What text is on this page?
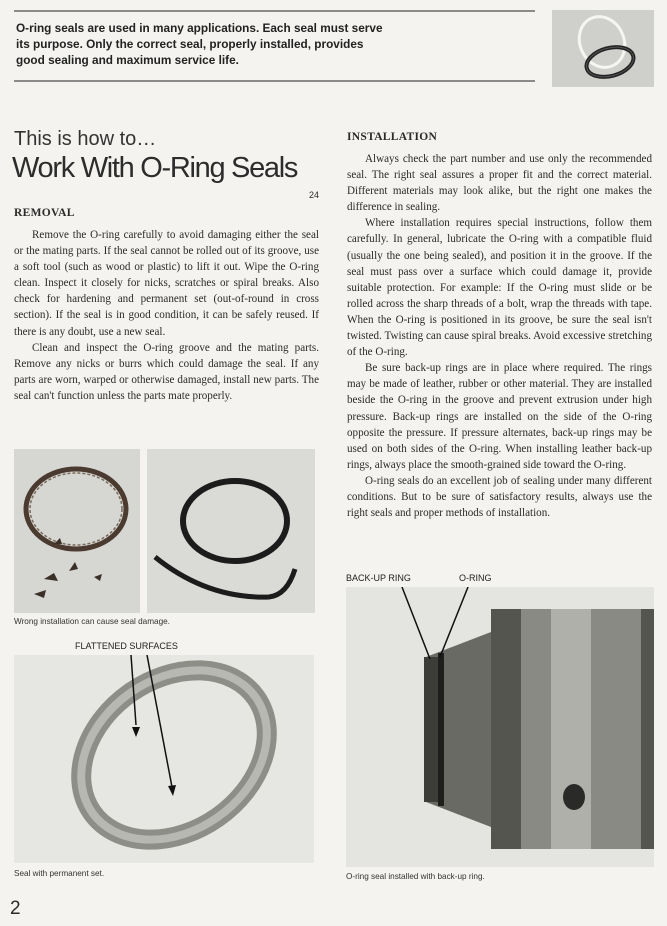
O-ring seals are used in many applications. Each seal must serve its purpose. Only the correct seal, properly installed, provides good sealing and maximum service life.
This is how to…
Work With O-Ring Seals
24
REMOVAL

Remove the O-ring carefully to avoid damaging either the seal or the mating parts. If the seal cannot be rolled out of its groove, use a soft tool (such as wood or plastic) to lift it out. Wipe the O-ring clean. Inspect it closely for nicks, scratches or spiral breaks. Also check for hardening and permanent set (out-of-round in cross section). If the seal is in good condition, it can be safely reused. If there is any doubt, use a new seal.

Clean and inspect the O-ring groove and the mating parts. Remove any nicks or burrs which could damage the seal. If any parts are worn, warped or otherwise damaged, install new parts. The seal can't function unless the parts mate properly.

INSTALLATION

Always check the part number and use only the recommended seal. The right seal assures a proper fit and the correct material. Different materials may look alike, but the right one makes the difference in sealing.

Where installation requires special instructions, follow them carefully. In general, lubricate the O-ring with a compatible fluid (usually the one being sealed), and position it in the groove. If the seal must pass over a surface which could damage it, provide suitable protection. For example: If the O-ring must slide or be rolled across the sharp threads of a bolt, wrap the threads with tape. When the O-ring is positioned in its groove, be sure the seal isn't twisted. Twisting can cause spiral breaks. Avoid excessive stretching of the O-ring.

Be sure back-up rings are in place where required. The rings may be made of leather, rubber or other material. They are installed beside the O-ring in the groove and prevent extrusion under high pressure. Back-up rings are installed on the side of the O-ring opposite the pressure. If pressure alternates, back-up rings may be used on both sides of the O-ring. When installing leather back-up rings, always place the smooth-grained side toward the O-ring.

O-ring seals do an excellent job of sealing under many different conditions. But to be sure of satisfactory results, always use the right seals and proper methods of installation.

Wrong installation can cause seal damage.
FLATTENED SURFACES
Seal with permanent set.
BACK-UP RING	O-RING
O-ring seal installed with back-up ring.
2
